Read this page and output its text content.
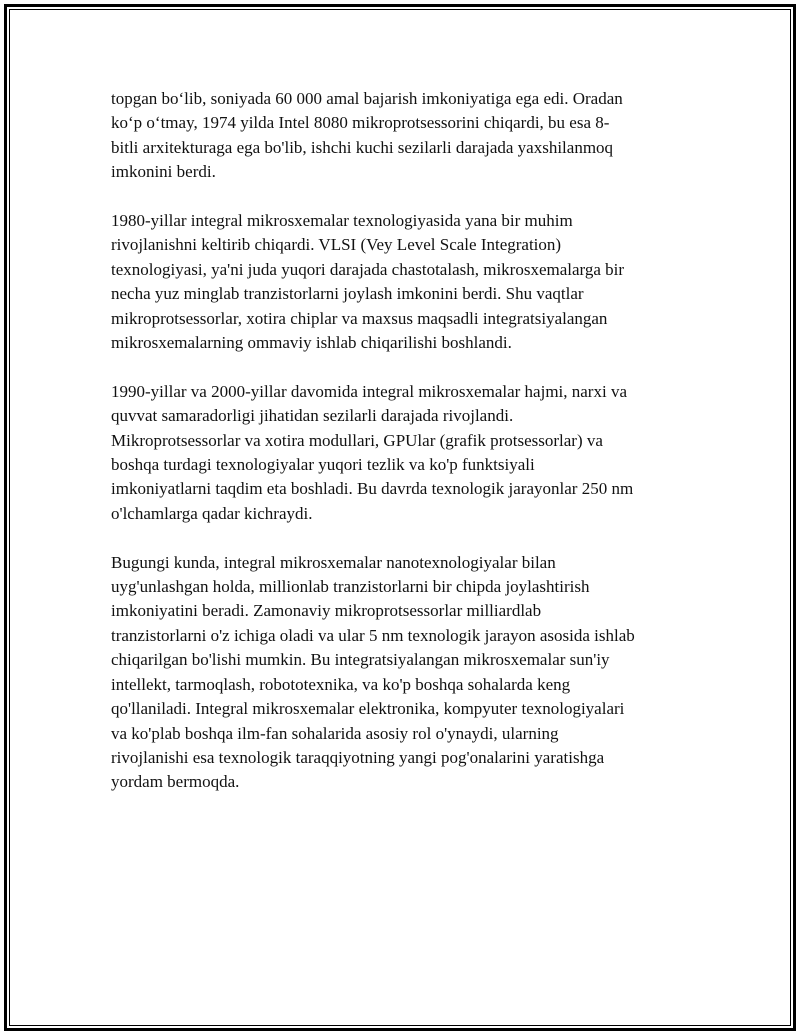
topgan bo‘lib, soniyada 60 000 amal bajarish imkoniyatiga ega edi. Oradan
ko‘p o‘tmay, 1974 yilda Intel 8080 mikroprotsessorini chiqardi, bu esa 8-
bitli arxitekturaga ega bo'lib, ishchi kuchi sezilarli darajada yaxshilanmoq
imkonini berdi.

1980-yillar integral mikrosxemalar texnologiyasida yana bir muhim
rivojlanishni keltirib chiqardi. VLSI (Vey Level Scale Integration)
texnologiyasi, ya'ni juda yuqori darajada chastotalash, mikrosxemalarga bir
necha yuz minglab tranzistorlarni joylash imkonini berdi. Shu vaqtlar
mikroprotsessorlar, xotira chiplar va maxsus maqsadli integratsiyalangan
mikrosxemalarning ommaviy ishlab chiqarilishi boshlandi.

1990-yillar va 2000-yillar davomida integral mikrosxemalar hajmi, narxi va
quvvat samaradorligi jihatidan sezilarli darajada rivojlandi.
Mikroprotsessorlar va xotira modullari, GPUlar (grafik protsessorlar) va
boshqa turdagi texnologiyalar yuqori tezlik va ko'p funktsiyali
imkoniyatlarni taqdim eta boshladi. Bu davrda texnologik jarayonlar 250 nm
o'lchamlarga qadar kichraydi.

Bugungi kunda, integral mikrosxemalar nanotexnologiyalar bilan
uyg'unlashgan holda, millionlab tranzistorlarni bir chipda joylashtirish
imkoniyatini beradi. Zamonaviy mikroprotsessorlar milliardlab
tranzistorlarni o'z ichiga oladi va ular 5 nm texnologik jarayon asosida ishlab
chiqarilgan bo'lishi mumkin. Bu integratsiyalangan mikrosxemalar sun'iy
intellekt, tarmoqlash, robototexnika, va ko'p boshqa sohalarda keng
qo'llaniladi. Integral mikrosxemalar elektronika, kompyuter texnologiyalari
va ko'plab boshqa ilm-fan sohalarida asosiy rol o'ynaydi, ularning
rivojlanishi esa texnologik taraqqiyotning yangi pog'onalarini yaratishga
yordam bermoqda.
